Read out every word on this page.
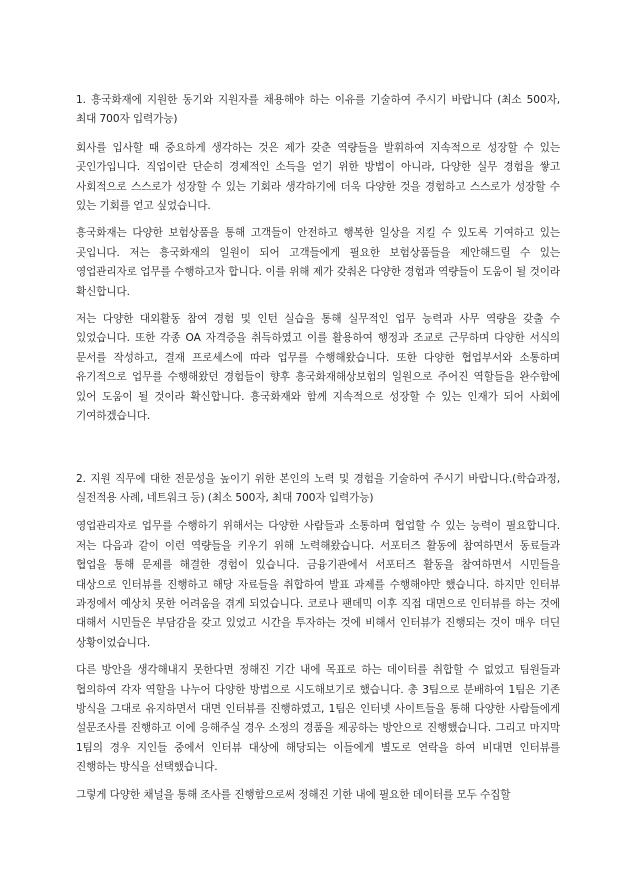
1. 흥국화재에 지원한 동기와 지원자를 채용해야 하는 이유를 기술하여 주시기 바랍니다 (최소 500자, 최대 700자 입력가능)

회사를 입사할 때 중요하게 생각하는 것은 제가 갖춘 역량들을 발휘하여 지속적으로 성장할 수 있는 곳인가입니다. 직업이란 단순히 경제적인 소득을 얻기 위한 방법이 아니라, 다양한 실무 경험을 쌓고 사회적으로 스스로가 성장할 수 있는 기회라 생각하기에 더욱 다양한 것을 경험하고 스스로가 성장할 수 있는 기회를 얻고 싶었습니다.

흥국화재는 다양한 보험상품을 통해 고객들이 안전하고 행복한 일상을 지킬 수 있도록 기여하고 있는 곳입니다. 저는 흥국화재의 일원이 되어 고객들에게 필요한 보험상품들을 제안해드릴 수 있는 영업관리자로 업무를 수행하고자 합니다. 이를 위해 제가 갖춰온 다양한 경험과 역량들이 도움이 될 것이라 확신합니다.

저는 다양한 대외활동 참여 경험 및 인턴 실습을 통해 실무적인 업무 능력과 사무 역량을 갖출 수 있었습니다. 또한 각종 OA 자격증을 취득하였고 이를 활용하여 행정과 조교로 근무하며 다양한 서식의 문서를 작성하고, 결재 프로세스에 따라 업무를 수행해왔습니다. 또한 다양한 협업부서와 소통하며 유기적으로 업무를 수행해왔던 경험들이 향후 흥국화재해상보험의 일원으로 주어진 역할들을 완수함에 있어 도움이 될 것이라 확신합니다. 흥국화재와 함께 지속적으로 성장할 수 있는 인재가 되어 사회에 기여하겠습니다.

2. 지원 직무에 대한 전문성을 높이기 위한 본인의 노력 및 경험을 기술하여 주시기 바랍니다.(학습과정, 실전적용 사례, 네트워크 등) (최소 500자, 최대 700자 입력가능)

영업관리자로 업무를 수행하기 위해서는 다양한 사람들과 소통하며 협업할 수 있는 능력이 필요합니다. 저는 다음과 같이 이런 역량들을 키우기 위해 노력해왔습니다. 서포터즈 활동에 참여하면서 동료들과 협업을 통해 문제를 해결한 경험이 있습니다. 금융기관에서 서포터즈 활동을 참여하면서 시민들을 대상으로 인터뷰를 진행하고 해당 자료들을 취합하여 발표 과제를 수행해야만 했습니다. 하지만 인터뷰 과정에서 예상치 못한 어려움을 겪게 되었습니다. 코로나 팬데믹 이후 직접 대면으로 인터뷰를 하는 것에 대해서 시민들은 부담감을 갖고 있었고 시간을 투자하는 것에 비해서 인터뷰가 진행되는 것이 매우 더딘 상황이었습니다.

다른 방안을 생각해내지 못한다면 정해진 기간 내에 목표로 하는 데이터를 취합할 수 없었고 팀원들과 협의하여 각자 역할을 나누어 다양한 방법으로 시도해보기로 했습니다. 총 3팀으로 분배하여 1팀은 기존 방식을 그대로 유지하면서 대면 인터뷰를 진행하였고, 1팀은 인터넷 사이트들을 통해 다양한 사람들에게 설문조사를 진행하고 이에 응해주실 경우 소정의 경품을 제공하는 방안으로 진행했습니다. 그리고 마지막 1팀의 경우 지인들 중에서 인터뷰 대상에 해당되는 이들에게 별도로 연락을 하여 비대면 인터뷰를 진행하는 방식을 선택했습니다.

그렇게 다양한 채널을 통해 조사를 진행함으로써 정해진 기한 내에 필요한 데이터를 모두 수집할
